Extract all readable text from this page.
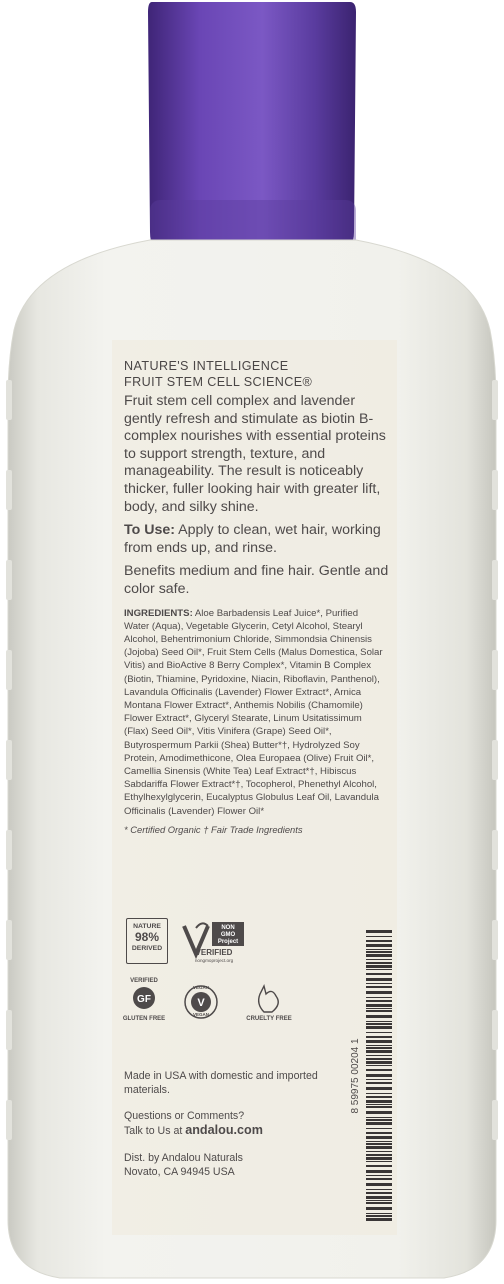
NATURE'S INTELLIGENCE
FRUIT STEM CELL SCIENCE®
Fruit stem cell complex and lavender gently refresh and stimulate as biotin B-complex nourishes with essential proteins to support strength, texture, and manageability. The result is noticeably thicker, fuller looking hair with greater lift, body, and silky shine.
To Use: Apply to clean, wet hair, working from ends up, and rinse.
Benefits medium and fine hair. Gentle and color safe.
INGREDIENTS: Aloe Barbadensis Leaf Juice*, Purified Water (Aqua), Vegetable Glycerin, Cetyl Alcohol, Stearyl Alcohol, Behentrimonium Chloride, Simmondsia Chinensis (Jojoba) Seed Oil*, Fruit Stem Cells (Malus Domestica, Solar Vitis) and BioActive 8 Berry Complex*, Vitamin B Complex (Biotin, Thiamine, Pyridoxine, Niacin, Riboflavin, Panthenol), Lavandula Officinalis (Lavender) Flower Extract*, Arnica Montana Flower Extract*, Anthemis Nobilis (Chamomile) Flower Extract*, Glyceryl Stearate, Linum Usitatissimum (Flax) Seed Oil*, Vitis Vinifera (Grape) Seed Oil*, Butyrospermum Parkii (Shea) Butter*†, Hydrolyzed Soy Protein, Amodimethicone, Olea Europaea (Olive) Fruit Oil*, Camellia Sinensis (White Tea) Leaf Extract*†, Hibiscus Sabdariffa Flower Extract*†, Tocopherol, Phenethyl Alcohol, Ethylhexylglycerin, Eucalyptus Globulus Leaf Oil, Lavandula Officinalis (Lavender) Flower Oil*
* Certified Organic † Fair Trade Ingredients
NATURE
98%
DERIVED
NON
GMO
Project
VERIFIED
nongmoproject.org
VERIFIED
GF
GLUTEN FREE
VEGAN
V
VEGAN
CRUELTY FREE
Made in USA with domestic and imported materials.
Questions or Comments?
Talk to Us at andalou.com
Dist. by Andalou Naturals
Novato, CA 94945 USA
8 59975 00204 1
